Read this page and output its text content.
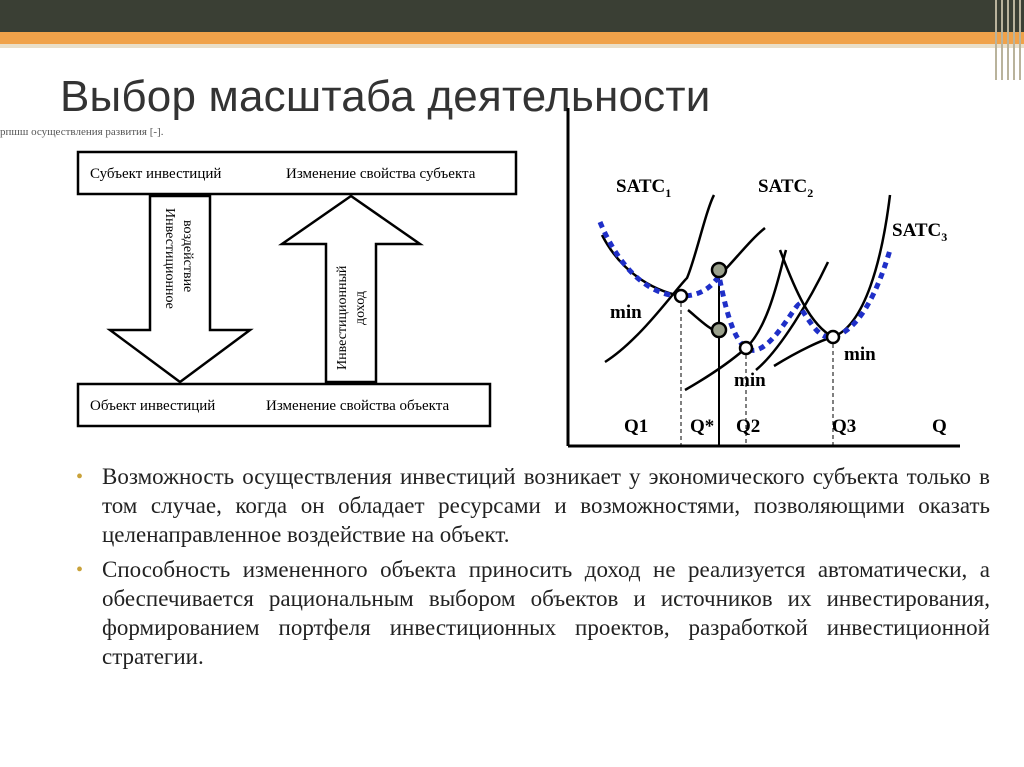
Выбор масштаба деятельности
рпшш осуществления развития [-].
Субъект инвестиций	Изменение свойства субъекта
Объект инвестиций	Изменение свойства объекта
Инвестиционное воздействие
Инвестиционный доход
$SATC_1$	$SATC_2$
$SATC_3$
min
min
min
Q1 Q* Q2	Q3	Q
• Возможность осуществления инвестиций возникает у экономического субъекта только в том случае, когда он обладает ресурсами и возможностями, позволяющими оказать целенаправленное воздействие на объект.
• Способность измененного объекта приносить доход не реализуется автоматически, а обеспечивается рациональным выбором объектов и источников их инвестирования, формированием портфеля инвестиционных проектов, разработкой инвестиционной стратегии.
